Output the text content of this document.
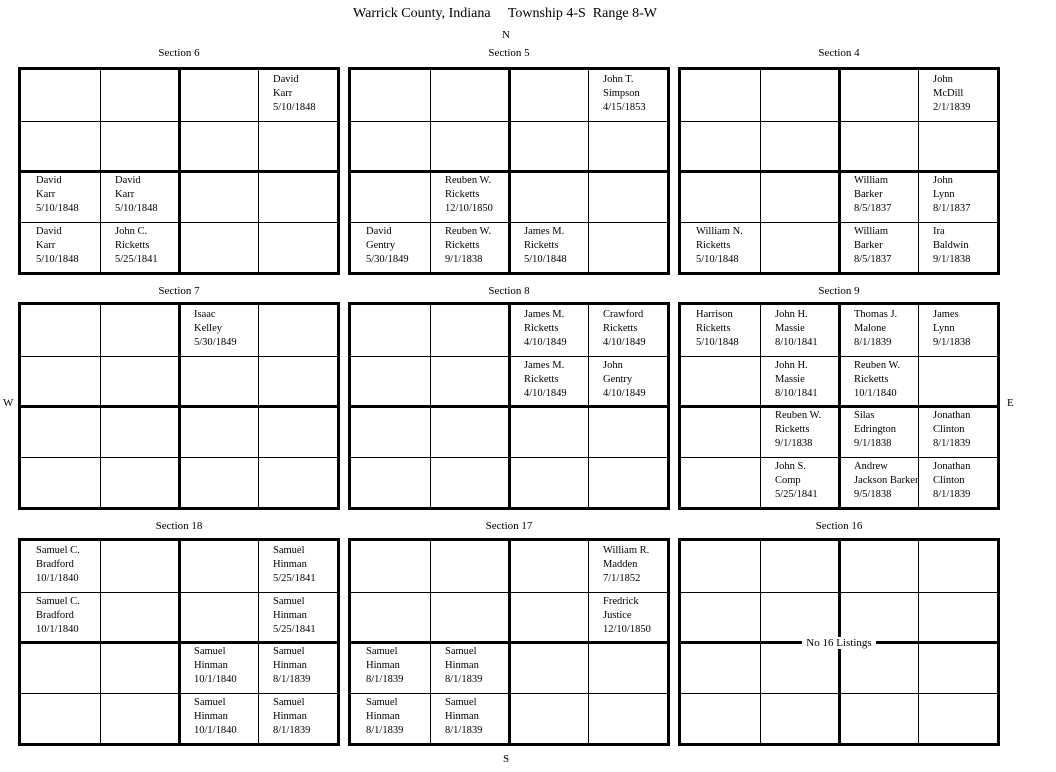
Warrick County, Indiana     Township 4-S  Range 8-W
N
S
W	E
Section 6
David
Karr
5/10/1848
David
Karr
5/10/1848
David
Karr
5/10/1848
David
Karr
5/10/1848
John C.
Ricketts
5/25/1841
Section 5
John T.
Simpson
4/15/1853
Reuben W.
Ricketts
12/10/1850
David
Gentry
5/30/1849
Reuben W.
Ricketts
9/1/1838
James M.
Ricketts
5/10/1848
Section 4
John
McDill
2/1/1839
William
Barker
8/5/1837
John
Lynn
8/1/1837
William N.
Ricketts
5/10/1848
William
Barker
8/5/1837
Ira
Baldwin
9/1/1838
Section 7
Isaac
Kelley
5/30/1849
Section 8
James M.
Ricketts
4/10/1849
Crawford
Ricketts
4/10/1849
James M.
Ricketts
4/10/1849
John
Gentry
4/10/1849
Section 9
Harrison
Ricketts
5/10/1848
John H.
Massie
8/10/1841
Thomas J.
Malone
8/1/1839
James
Lynn
9/1/1838
John H.
Massie
8/10/1841
Reuben W.
Ricketts
10/1/1840
Reuben W.
Ricketts
9/1/1838
Silas
Edrington
9/1/1838
Jonathan
Clinton
8/1/1839
John S.
Comp
5/25/1841
Andrew
Jackson Barker
9/5/1838
Jonathan
Clinton
8/1/1839
Section 18
Samuel C.
Bradford
10/1/1840
Samuel
Hinman
5/25/1841
Samuel C.
Bradford
10/1/1840
Samuel
Hinman
5/25/1841
Samuel
Hinman
10/1/1840
Samuel
Hinman
8/1/1839
Samuel
Hinman
10/1/1840
Samuel
Hinman
8/1/1839
Section 17
William R.
Madden
7/1/1852
Fredrick
Justice
12/10/1850
Samuel
Hinman
8/1/1839
Samuel
Hinman
8/1/1839
Samuel
Hinman
8/1/1839
Samuel
Hinman
8/1/1839
Section 16
No 16 Listings
